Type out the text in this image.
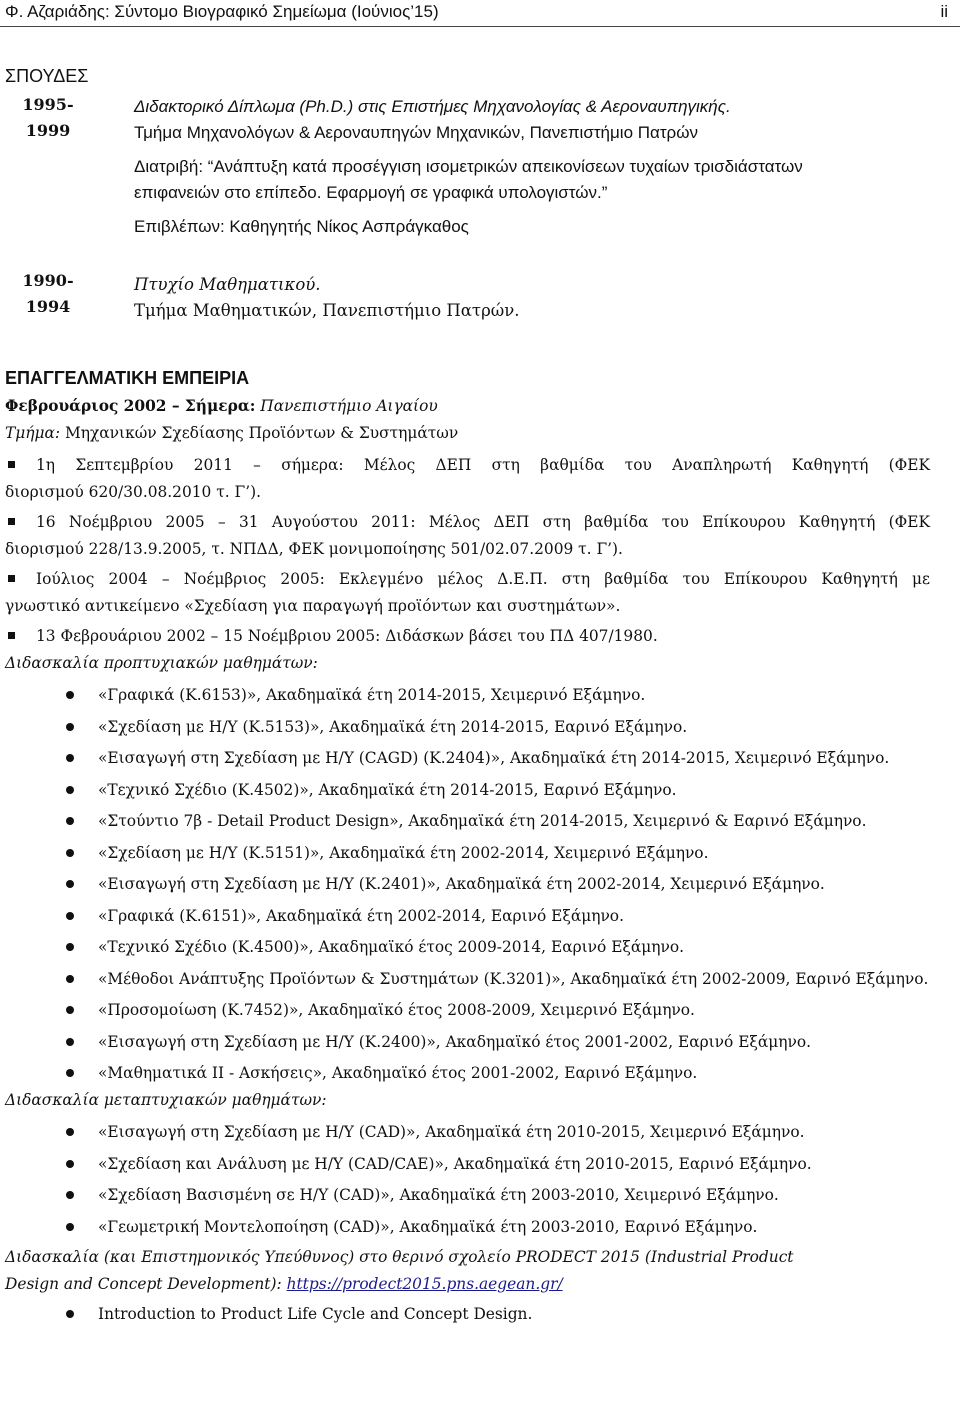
Φ. Αζαριάδης: Σύντομο Βιογραφικό Σημείωμα (Ιούνιος’15)	ii
ΣΠΟΥΔΕΣ
1995-
1999
Διδακτορικό Δίπλωμα (Ph.D.) στις Επιστήμες Μηχανολογίας & Αεροναυπηγικής.
Τμήμα Μηχανολόγων & Αεροναυπηγών Μηχανικών, Πανεπιστήμιο Πατρών
Διατριβή: “Ανάπτυξη κατά προσέγγιση ισομετρικών απεικονίσεων τυχαίων τρισδιάστατων
επιφανειών στο επίπεδο. Εφαρμογή σε γραφικά υπολογιστών.”
Επιβλέπων: Καθηγητής Νίκος Ασπράγκαθος
1990-
1994
Πτυχίο Μαθηματικού.
Τμήμα Μαθηματικών, Πανεπιστήμιο Πατρών.
ΕΠΑΓΓΕΛΜΑΤΙΚΗ ΕΜΠΕΙΡΙΑ
Φεβρουάριος 2002 – Σήμερα: Πανεπιστήμιο Αιγαίου
Τμήμα: Μηχανικών Σχεδίασης Προϊόντων & Συστημάτων
1η Σεπτεμβρίου 2011 – σήμερα: Μέλος ΔΕΠ στη βαθμίδα του Αναπληρωτή Καθηγητή (ΦΕΚ
διορισμού 620/30.08.2010 τ. Γ’).
16 Νοέμβριου 2005 – 31 Αυγούστου 2011: Μέλος ΔΕΠ στη βαθμίδα του Επίκουρου Καθηγητή (ΦΕΚ
διορισμού 228/13.9.2005, τ. ΝΠΔΔ, ΦΕΚ μονιμοποίησης 501/02.07.2009 τ. Γ’).
Ιούλιος 2004 – Νοέμβριος 2005: Εκλεγμένο μέλος Δ.Ε.Π. στη βαθμίδα του Επίκουρου Καθηγητή με
γνωστικό αντικείμενο «Σχεδίαση για παραγωγή προϊόντων και συστημάτων».
13 Φεβρουάριου 2002 – 15 Νοέμβριου 2005: Διδάσκων βάσει του ΠΔ 407/1980.

Διδασκαλία προπτυχιακών μαθημάτων:

«Γραφικά (Κ.6153)», Ακαδημαϊκά έτη 2014-2015, Χειμερινό Εξάμηνο.
«Σχεδίαση με Η/Υ (Κ.5153)», Ακαδημαϊκά έτη 2014-2015, Εαρινό Εξάμηνο.
«Εισαγωγή στη Σχεδίαση με Η/Υ (CAGD) (Κ.2404)», Ακαδημαϊκά έτη 2014-2015, Χειμερινό Εξάμηνο.
«Τεχνικό Σχέδιο (Κ.4502)», Ακαδημαϊκά έτη 2014-2015, Εαρινό Εξάμηνο.
«Στούντιο 7β - Detail Product Design», Ακαδημαϊκά έτη 2014-2015, Χειμερινό & Εαρινό Εξάμηνο.
«Σχεδίαση με Η/Υ (Κ.5151)», Ακαδημαϊκά έτη 2002-2014, Χειμερινό Εξάμηνο.
«Εισαγωγή στη Σχεδίαση με Η/Υ (Κ.2401)», Ακαδημαϊκά έτη 2002-2014, Χειμερινό Εξάμηνο.
«Γραφικά (Κ.6151)», Ακαδημαϊκά έτη 2002-2014, Εαρινό Εξάμηνο.
«Τεχνικό Σχέδιο (Κ.4500)», Ακαδημαϊκό έτος 2009-2014, Εαρινό Εξάμηνο.
«Μέθοδοι Ανάπτυξης Προϊόντων & Συστημάτων (Κ.3201)», Ακαδημαϊκά έτη 2002-2009, Εαρινό Εξάμηνο.
«Προσομοίωση (Κ.7452)», Ακαδημαϊκό έτος 2008-2009, Χειμερινό Εξάμηνο.
«Εισαγωγή στη Σχεδίαση με Η/Υ (Κ.2400)», Ακαδημαϊκό έτος 2001-2002, Εαρινό Εξάμηνο.
«Μαθηματικά ΙΙ - Ασκήσεις», Ακαδημαϊκό έτος 2001-2002, Εαρινό Εξάμηνο.

Διδασκαλία μεταπτυχιακών μαθημάτων:

«Εισαγωγή στη Σχεδίαση με Η/Υ (CAD)», Ακαδημαϊκά έτη 2010-2015, Χειμερινό Εξάμηνο.
«Σχεδίαση και Ανάλυση με Η/Υ (CAD/CAE)», Ακαδημαϊκά έτη 2010-2015, Εαρινό Εξάμηνο.
«Σχεδίαση Βασισμένη σε Η/Υ (CAD)», Ακαδημαϊκά έτη 2003-2010, Χειμερινό Εξάμηνο.
«Γεωμετρική Μοντελοποίηση (CAD)», Ακαδημαϊκά έτη 2003-2010, Εαρινό Εξάμηνο.
Διδασκαλία (και Επιστημονικός Υπεύθυνος) στο θερινό σχολείο PRODECT 2015 (Industrial Product
Design and Concept Development): https://prodect2015.pns.aegean.gr/
Introduction to Product Life Cycle and Concept Design.
